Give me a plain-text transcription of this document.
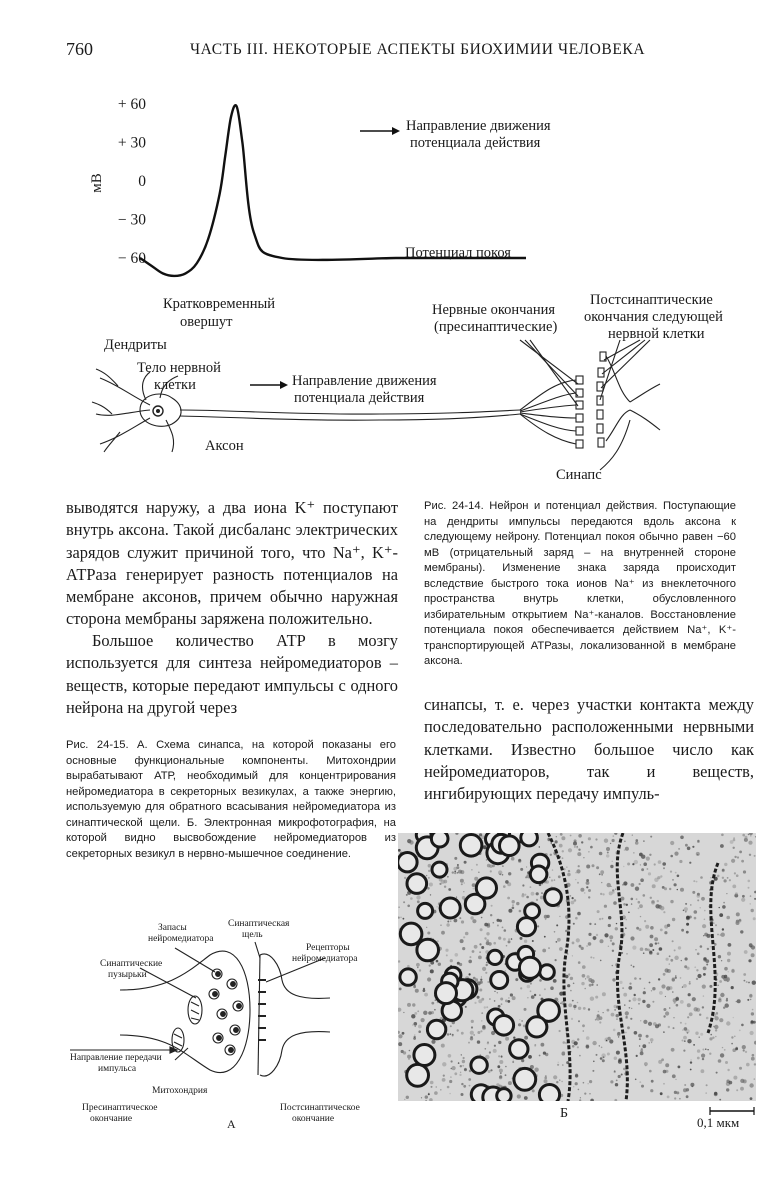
760	ЧАСТЬ III. НЕКОТОРЫЕ АСПЕКТЫ БИОХИМИИ ЧЕЛОВЕКА
мВ
+ 60
+ 30
0
− 30
− 60
Направление движения
потенциала действия
Потенциал покоя
Кратковременный
овершут
Дендриты
Тело нервной
клетки	Направление движения
потенциала действия
Аксон
Нервные окончания
(пресинаптические)
Постсинаптические
окончания следующей
нервной клетки
Синапс

Рис. 24-14. Нейрон и потенциал действия. Поступающие на дендриты импульсы передаются вдоль аксона к следующему нейрону. Потенциал покоя обычно равен −60 мВ (отрицательный заряд – на внутренней стороне мембраны). Изменение знака заряда происходит вследствие быстрого тока ионов Na⁺ из внеклеточного пространства внутрь клетки, обусловленного избирательным открытием Na⁺-каналов. Восстановление потенциала покоя обеспечивается действием Na⁺, K⁺-транспортирующей АТРазы, локализованной в мембране аксона.

выводятся наружу, а два иона K⁺ поступают внутрь аксона. Такой дисбаланс электрических зарядов служит причиной того, что Na⁺, K⁺-АТРаза генерирует разность потенциалов на мембране аксонов, причем обычно наружная сторона мембраны заряжена положительно.

Большое количество АТР в мозгу используется для синтеза нейромедиаторов – веществ, которые передают импульсы с одного нейрона на другой через	синапсы, т. е. через участки контакта между последовательно расположенными нервными клетками. Известно большое число как нейромедиаторов, так и веществ, ингибирующих передачу импуль-

Рис. 24-15. А. Схема синапса, на которой показаны его основные функциональные компоненты. Митохондрии вырабатывают АТР, необходимый для концентрирования нейромедиатора в секреторных везикулах, а также энергию, используемую для обратного всасывания нейромедиатора из синаптической щели. Б. Электронная микрофотография, на которой видно высвобождение нейромедиаторов из секреторных везикул в нервно-мышечное соединение.

Запасы
нейромедиатора
Синаптическая
щель
Рецепторы
нейромедиатора
Синаптические
пузырьки
Направление передачи
импульса
Митохондрия
Пресинаптическое
окончание
Постсинаптическое
окончание
А
Б
0,1 мкм
